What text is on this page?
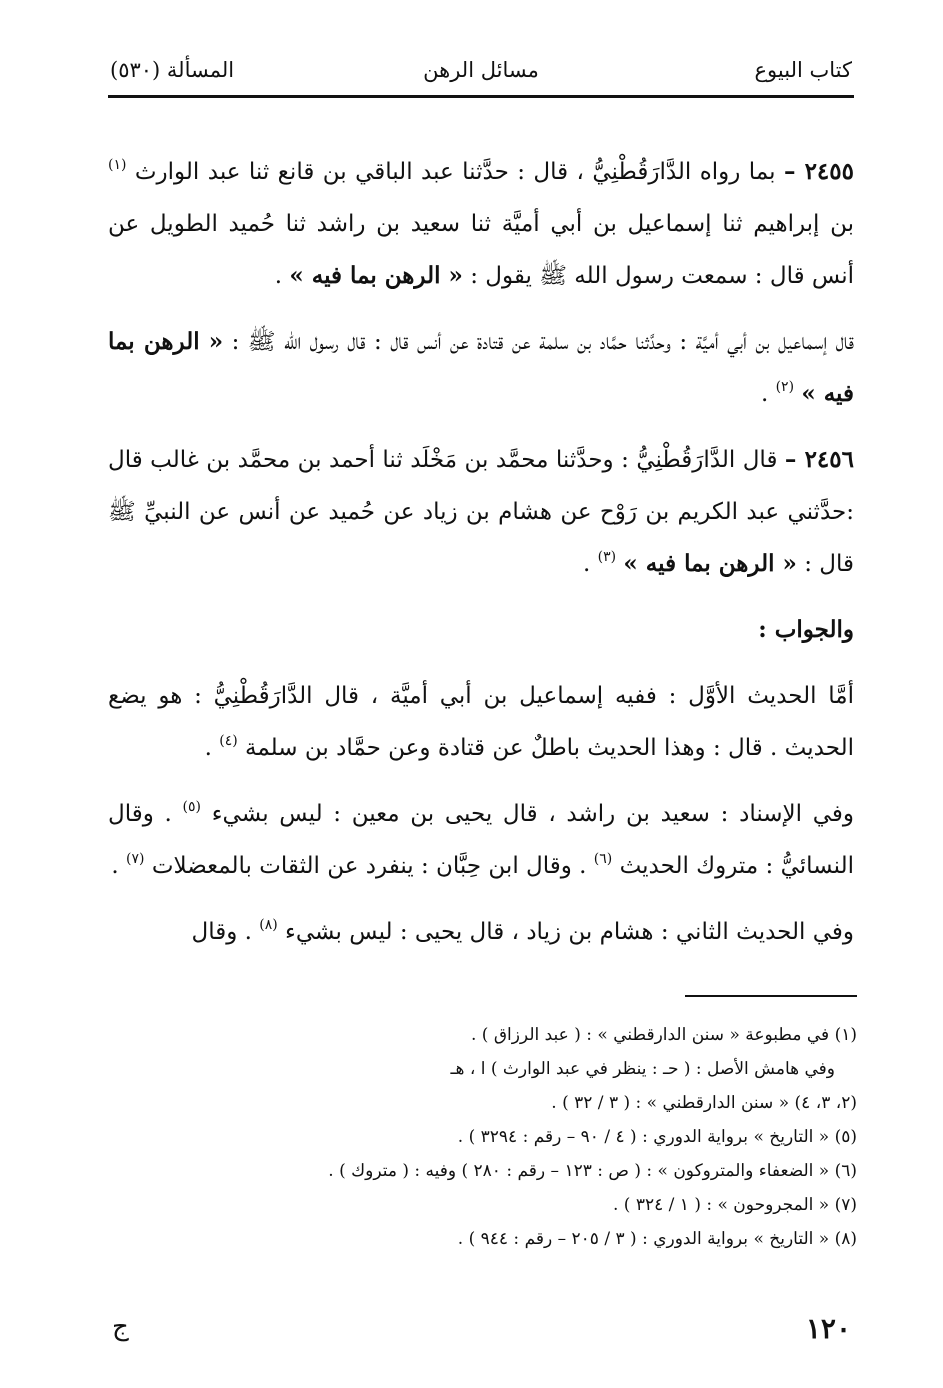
كتاب البيوع
مسائل الرهن
المسألة (٥٣٠)

٢٤٥٥ – بما رواه الدَّارَقُطْنِيُّ ، قال : حدَّثنا عبد الباقي بن قانع ثنا عبد الوارث $^{(١)}$ بن إبراهيم ثنا إسماعيل بن أبي أميَّة ثنا سعيد بن راشد ثنا حُميد الطويل عن أنس قال : سمعت رسول الله ﷺ يقول : « الرهن بما فيه » .

قال إسماعيل بن أبي أميَّة : وحدَّثنا حمَّاد بن سلمة عن قتادة عن أنس قال : قال رسول الله ﷺ : « الرهن بما فيه » $^{(٢)}$ .

٢٤٥٦ – قال الدَّارَقُطْنِيُّ : وحدَّثنا محمَّد بن مَخْلَد ثنا أحمد بن محمَّد بن غالب قال :حدَّثني عبد الكريم بن رَوْح عن هشام بن زياد عن حُميد عن أنس عن النبيِّ ﷺ قال : « الرهن بما فيه » $^{(٣)}$ .

والجواب :

أمَّا الحديث الأوَّل : ففيه إسماعيل بن أبي أميَّة ، قال الدَّارَقُطْنِيُّ : هو يضع الحديث . قال : وهذا الحديث باطلٌ عن قتادة وعن حمَّاد بن سلمة $^{(٤)}$ .

وفي الإسناد : سعيد بن راشد ، قال يحيى بن معين : ليس بشيء $^{(٥)}$ . وقال النسائيُّ : متروك الحديث $^{(٦)}$ . وقال ابن حِبَّان : ينفرد عن الثقات بالمعضلات $^{(٧)}$ .

وفي الحديث الثاني : هشام بن زياد ، قال يحيى : ليس بشيء $^{(٨)}$ . وقال

(١) في مطبوعة « سنن الدارقطني » : ( عبد الرزاق ) .

وفي هامش الأصل : ( حـ : ينظر في عبد الوارث ) ا ، هـ

(٢، ٣، ٤) « سنن الدارقطني » : ( ٣ / ٣٢ ) .

(٥) « التاريخ » برواية الدوري : ( ٤ / ٩٠ – رقم : ٣٢٩٤ ) .

(٦) « الضعفاء والمتروكون » : ( ص : ١٢٣ – رقم : ٢٨٠ ) وفيه : ( متروك ) .

(٧) « المجروحون » : ( ١ / ٣٢٤ ) .

(٨) « التاريخ » برواية الدوري : ( ٣ / ٢٠٥ – رقم : ٩٤٤ ) .

١٢٠
ج
